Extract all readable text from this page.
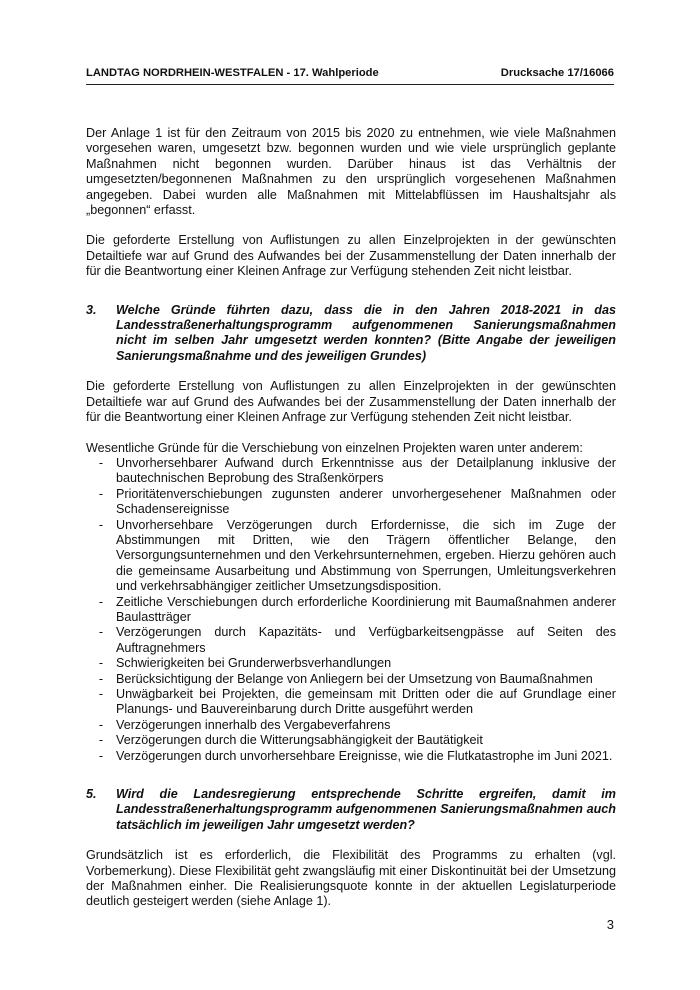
LANDTAG NORDRHEIN-WESTFALEN - 17. Wahlperiode	Drucksache 17/16066

Der Anlage 1 ist für den Zeitraum von 2015 bis 2020 zu entnehmen, wie viele Maßnahmen vorgesehen waren, umgesetzt bzw. begonnen wurden und wie viele ursprünglich geplante Maßnahmen nicht begonnen wurden. Darüber hinaus ist das Verhältnis der umgesetzten/begonnenen Maßnahmen zu den ursprünglich vorgesehenen Maßnahmen angegeben. Dabei wurden alle Maßnahmen mit Mittelabflüssen im Haushaltsjahr als „begonnen“ erfasst.

Die geforderte Erstellung von Auflistungen zu allen Einzelprojekten in der gewünschten Detailtiefe war auf Grund des Aufwandes bei der Zusammenstellung der Daten innerhalb der für die Beantwortung einer Kleinen Anfrage zur Verfügung stehenden Zeit nicht leistbar.

3.	Welche Gründe führten dazu, dass die in den Jahren 2018-2021 in das Landesstraßenerhaltungsprogramm aufgenommenen Sanierungsmaßnahmen nicht im selben Jahr umgesetzt werden konnten? (Bitte Angabe der jeweiligen Sanierungsmaßnahme und des jeweiligen Grundes)

Die geforderte Erstellung von Auflistungen zu allen Einzelprojekten in der gewünschten Detailtiefe war auf Grund des Aufwandes bei der Zusammenstellung der Daten innerhalb der für die Beantwortung einer Kleinen Anfrage zur Verfügung stehenden Zeit nicht leistbar.

Wesentliche Gründe für die Verschiebung von einzelnen Projekten waren unter anderem:

-	Unvorhersehbarer Aufwand durch Erkenntnisse aus der Detailplanung inklusive der bautechnischen Beprobung des Straßenkörpers
-	Prioritätenverschiebungen zugunsten anderer unvorhergesehener Maßnahmen oder Schadensereignisse
-	Unvorhersehbare Verzögerungen durch Erfordernisse, die sich im Zuge der Abstimmungen mit Dritten, wie den Trägern öffentlicher Belange, den Versorgungsunternehmen und den Verkehrsunternehmen, ergeben. Hierzu gehören auch die gemeinsame Ausarbeitung und Abstimmung von Sperrungen, Umleitungsverkehren und verkehrsabhängiger zeitlicher Umsetzungsdisposition.
-	Zeitliche Verschiebungen durch erforderliche Koordinierung mit Baumaßnahmen anderer Baulastträger
-	Verzögerungen durch Kapazitäts- und Verfügbarkeitsengpässe auf Seiten des Auftragnehmers
-	Schwierigkeiten bei Grunderwerbsverhandlungen
-	Berücksichtigung der Belange von Anliegern bei der Umsetzung von Baumaßnahmen
-	Unwägbarkeit bei Projekten, die gemeinsam mit Dritten oder die auf Grundlage einer Planungs- und Bauvereinbarung durch Dritte ausgeführt werden
-	Verzögerungen innerhalb des Vergabeverfahrens
-	Verzögerungen durch die Witterungsabhängigkeit der Bautätigkeit
-	Verzögerungen durch unvorhersehbare Ereignisse, wie die Flutkatastrophe im Juni 2021.
5.	Wird die Landesregierung entsprechende Schritte ergreifen, damit im Landesstraßenerhaltungsprogramm aufgenommenen Sanierungsmaßnahmen auch tatsächlich im jeweiligen Jahr umgesetzt werden?

Grundsätzlich ist es erforderlich, die Flexibilität des Programms zu erhalten (vgl. Vorbemerkung). Diese Flexibilität geht zwangsläufig mit einer Diskontinuität bei der Umsetzung der Maßnahmen einher. Die Realisierungsquote konnte in der aktuellen Legislaturperiode deutlich gesteigert werden (siehe Anlage 1).

3
